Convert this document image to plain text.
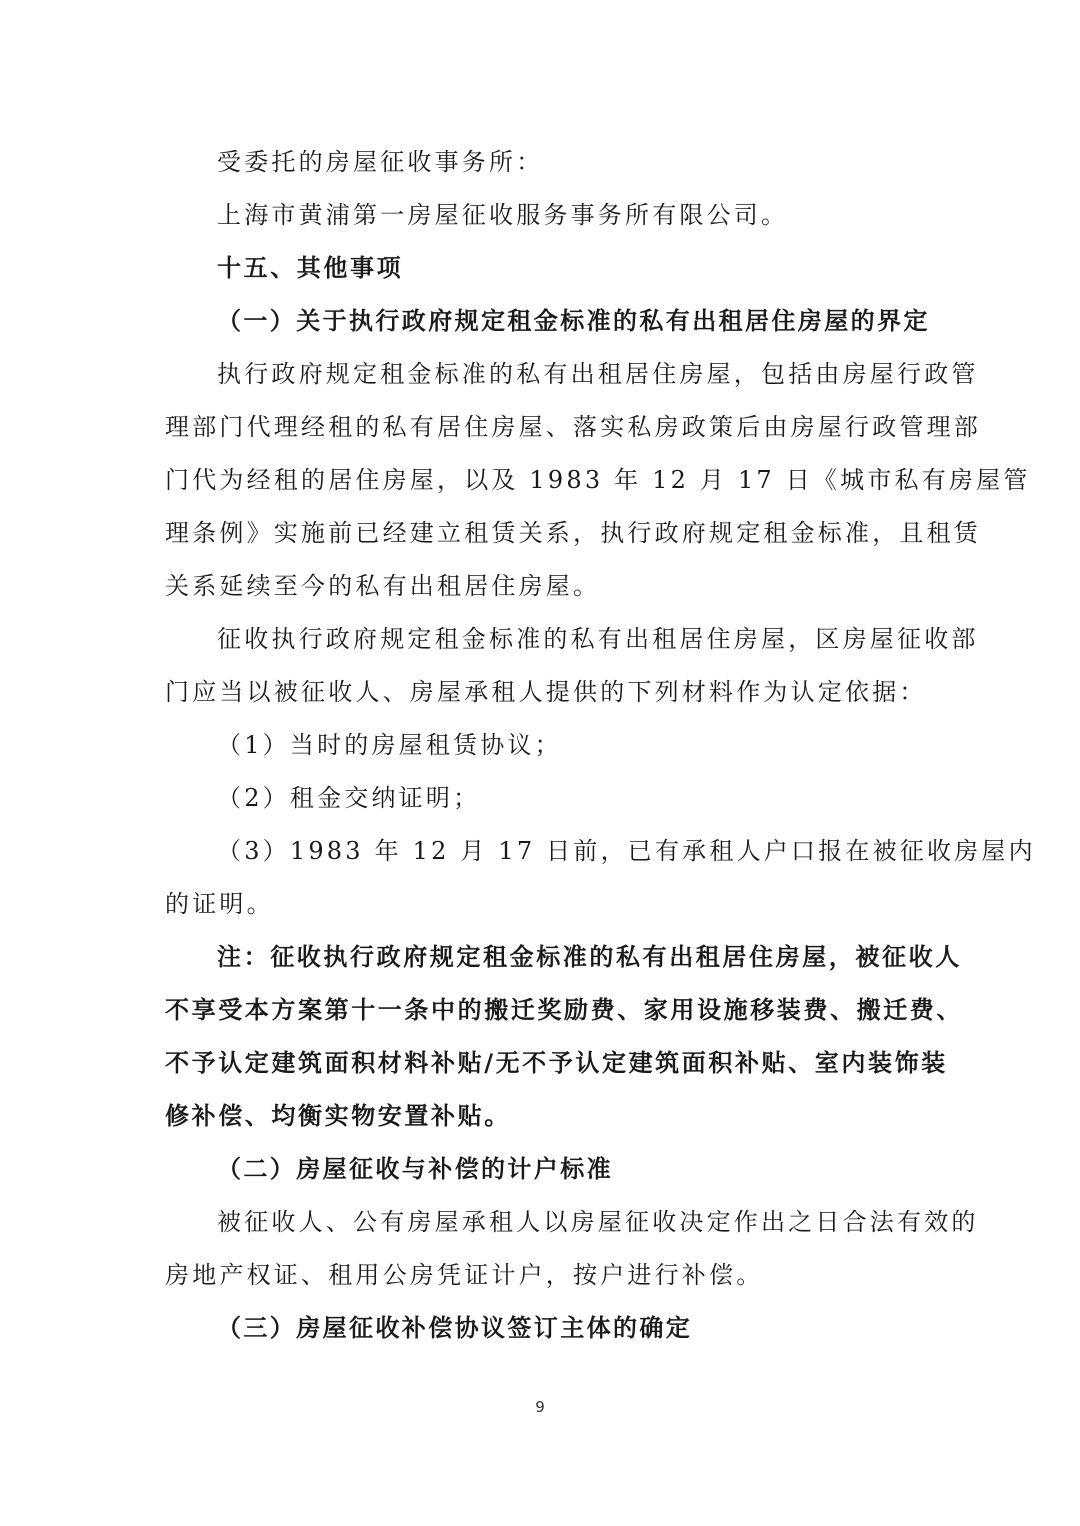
受委托的房屋征收事务所：
上海市黄浦第一房屋征收服务事务所有限公司。
十五、其他事项
（一）关于执行政府规定租金标准的私有出租居住房屋的界定
执行政府规定租金标准的私有出租居住房屋，包括由房屋行政管
理部门代理经租的私有居住房屋、落实私房政策后由房屋行政管理部
门代为经租的居住房屋，以及 1983 年 12 月 17 日《城市私有房屋管
理条例》实施前已经建立租赁关系，执行政府规定租金标准，且租赁
关系延续至今的私有出租居住房屋。
征收执行政府规定租金标准的私有出租居住房屋，区房屋征收部
门应当以被征收人、房屋承租人提供的下列材料作为认定依据：
（1）当时的房屋租赁协议；
（2）租金交纳证明；
（3）1983 年 12 月 17 日前，已有承租人户口报在被征收房屋内
的证明。
注：征收执行政府规定租金标准的私有出租居住房屋，被征收人
不享受本方案第十一条中的搬迁奖励费、家用设施移装费、搬迁费、
不予认定建筑面积材料补贴/无不予认定建筑面积补贴、室内装饰装
修补偿、均衡实物安置补贴。
（二）房屋征收与补偿的计户标准
被征收人、公有房屋承租人以房屋征收决定作出之日合法有效的
房地产权证、租用公房凭证计户，按户进行补偿。
（三）房屋征收补偿协议签订主体的确定
9
